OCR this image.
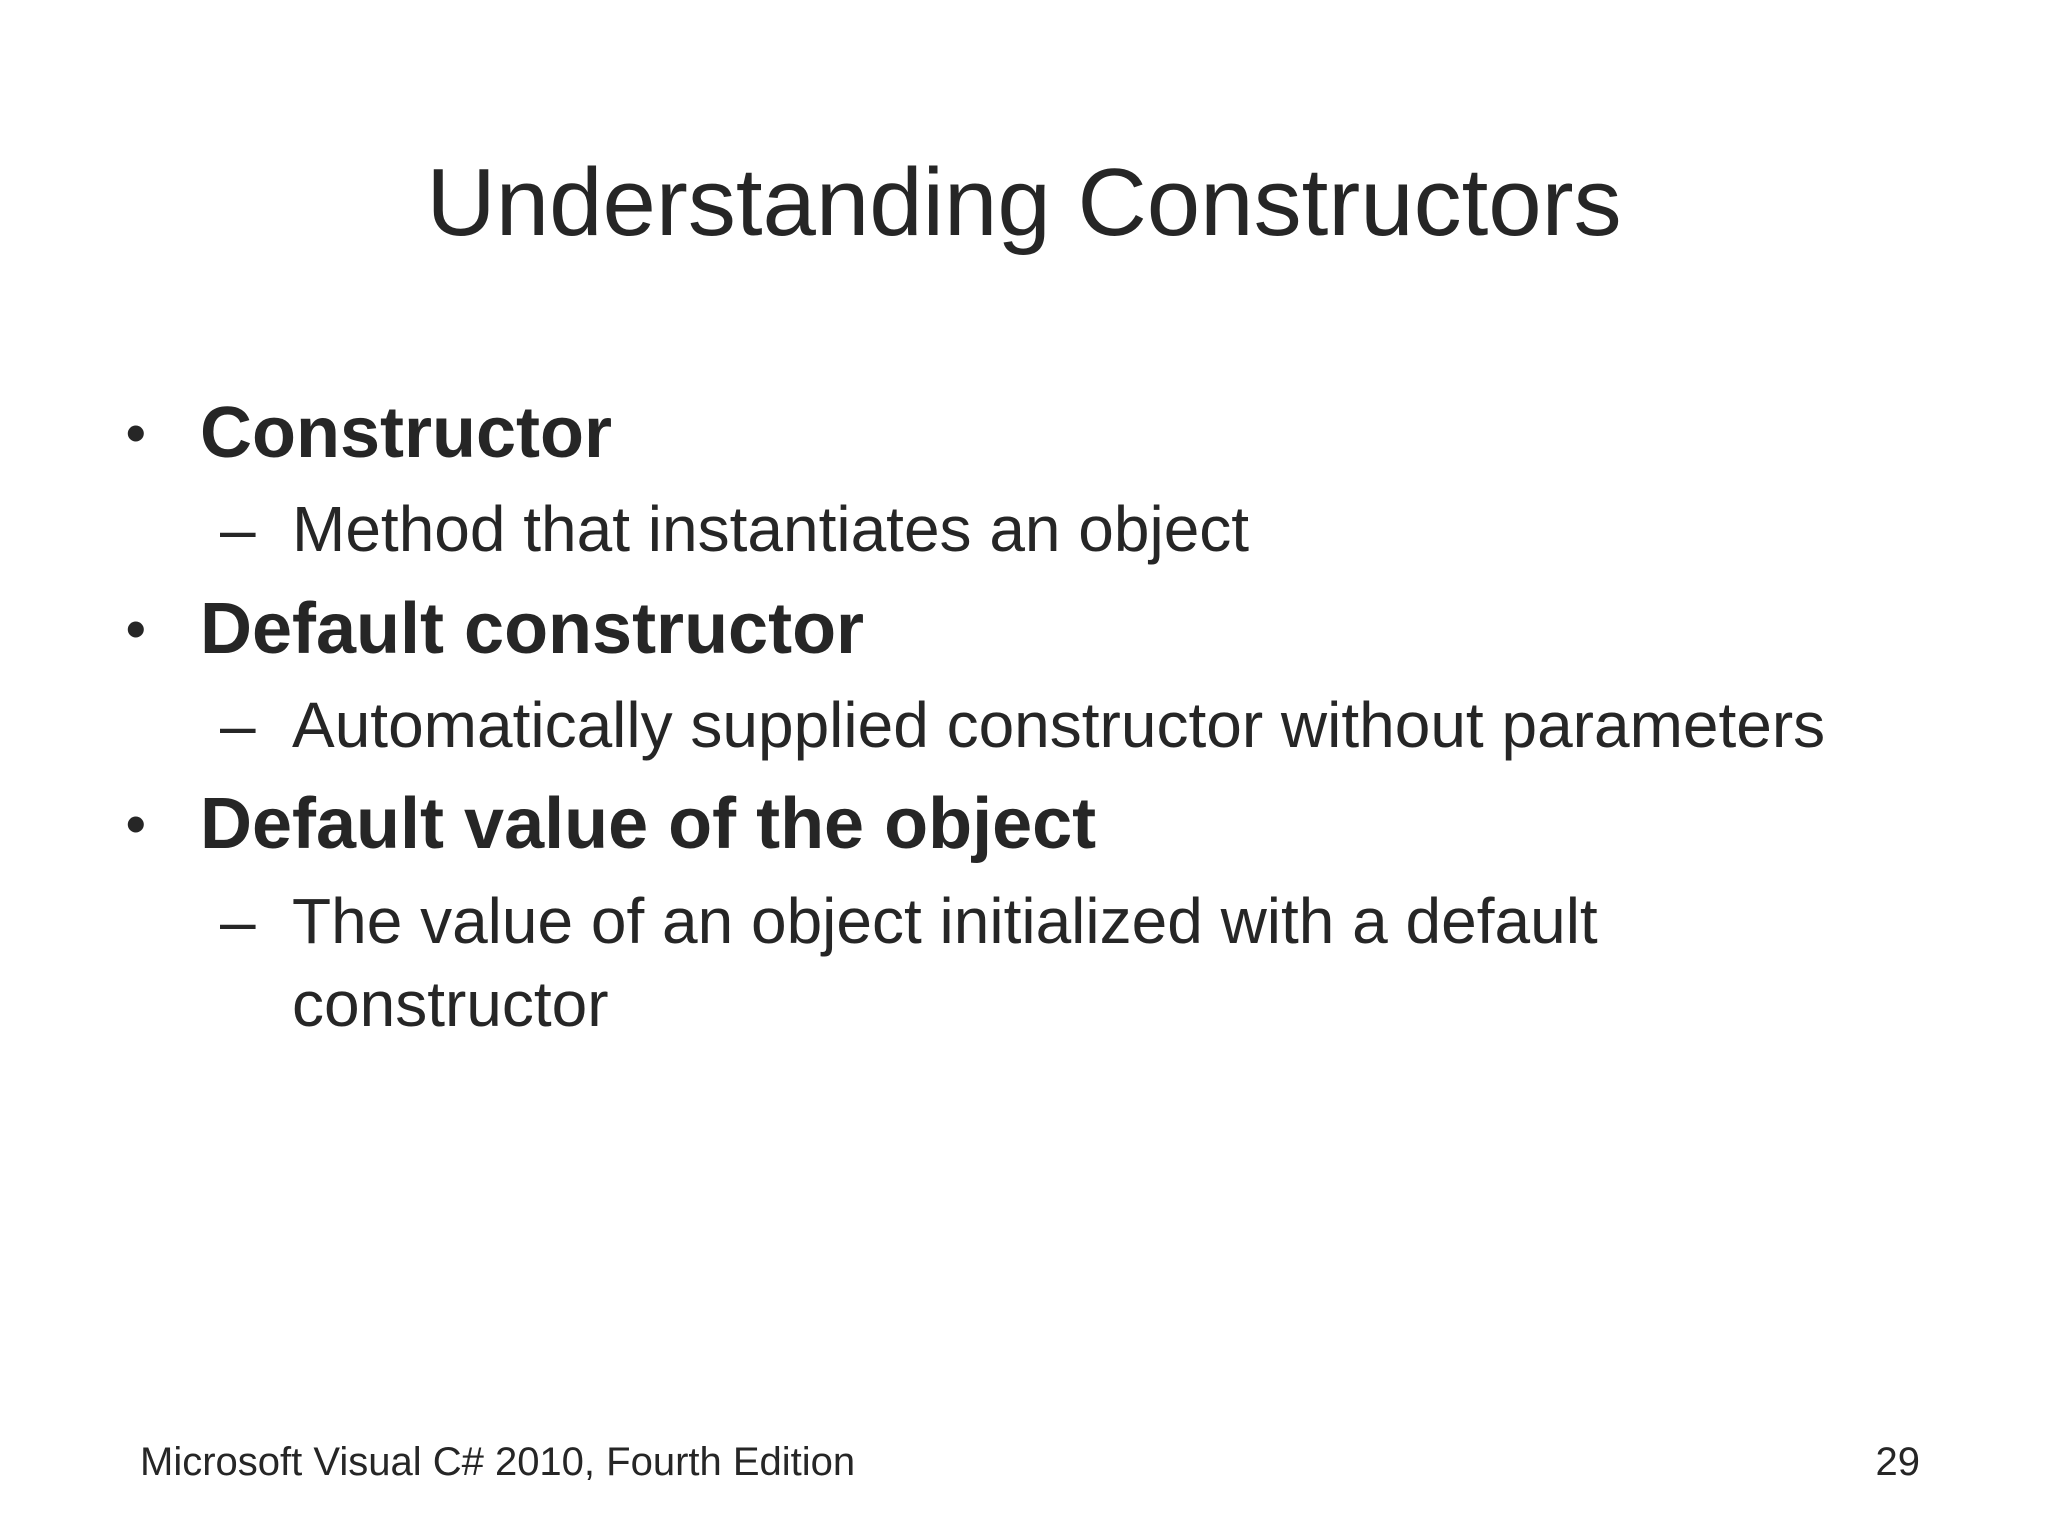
Understanding Constructors
• Constructor
– Method that instantiates an object
• Default constructor
– Automatically supplied constructor without parameters
• Default value of the object
– The value of an object initialized with a default constructor
Microsoft Visual C# 2010, Fourth Edition	29
